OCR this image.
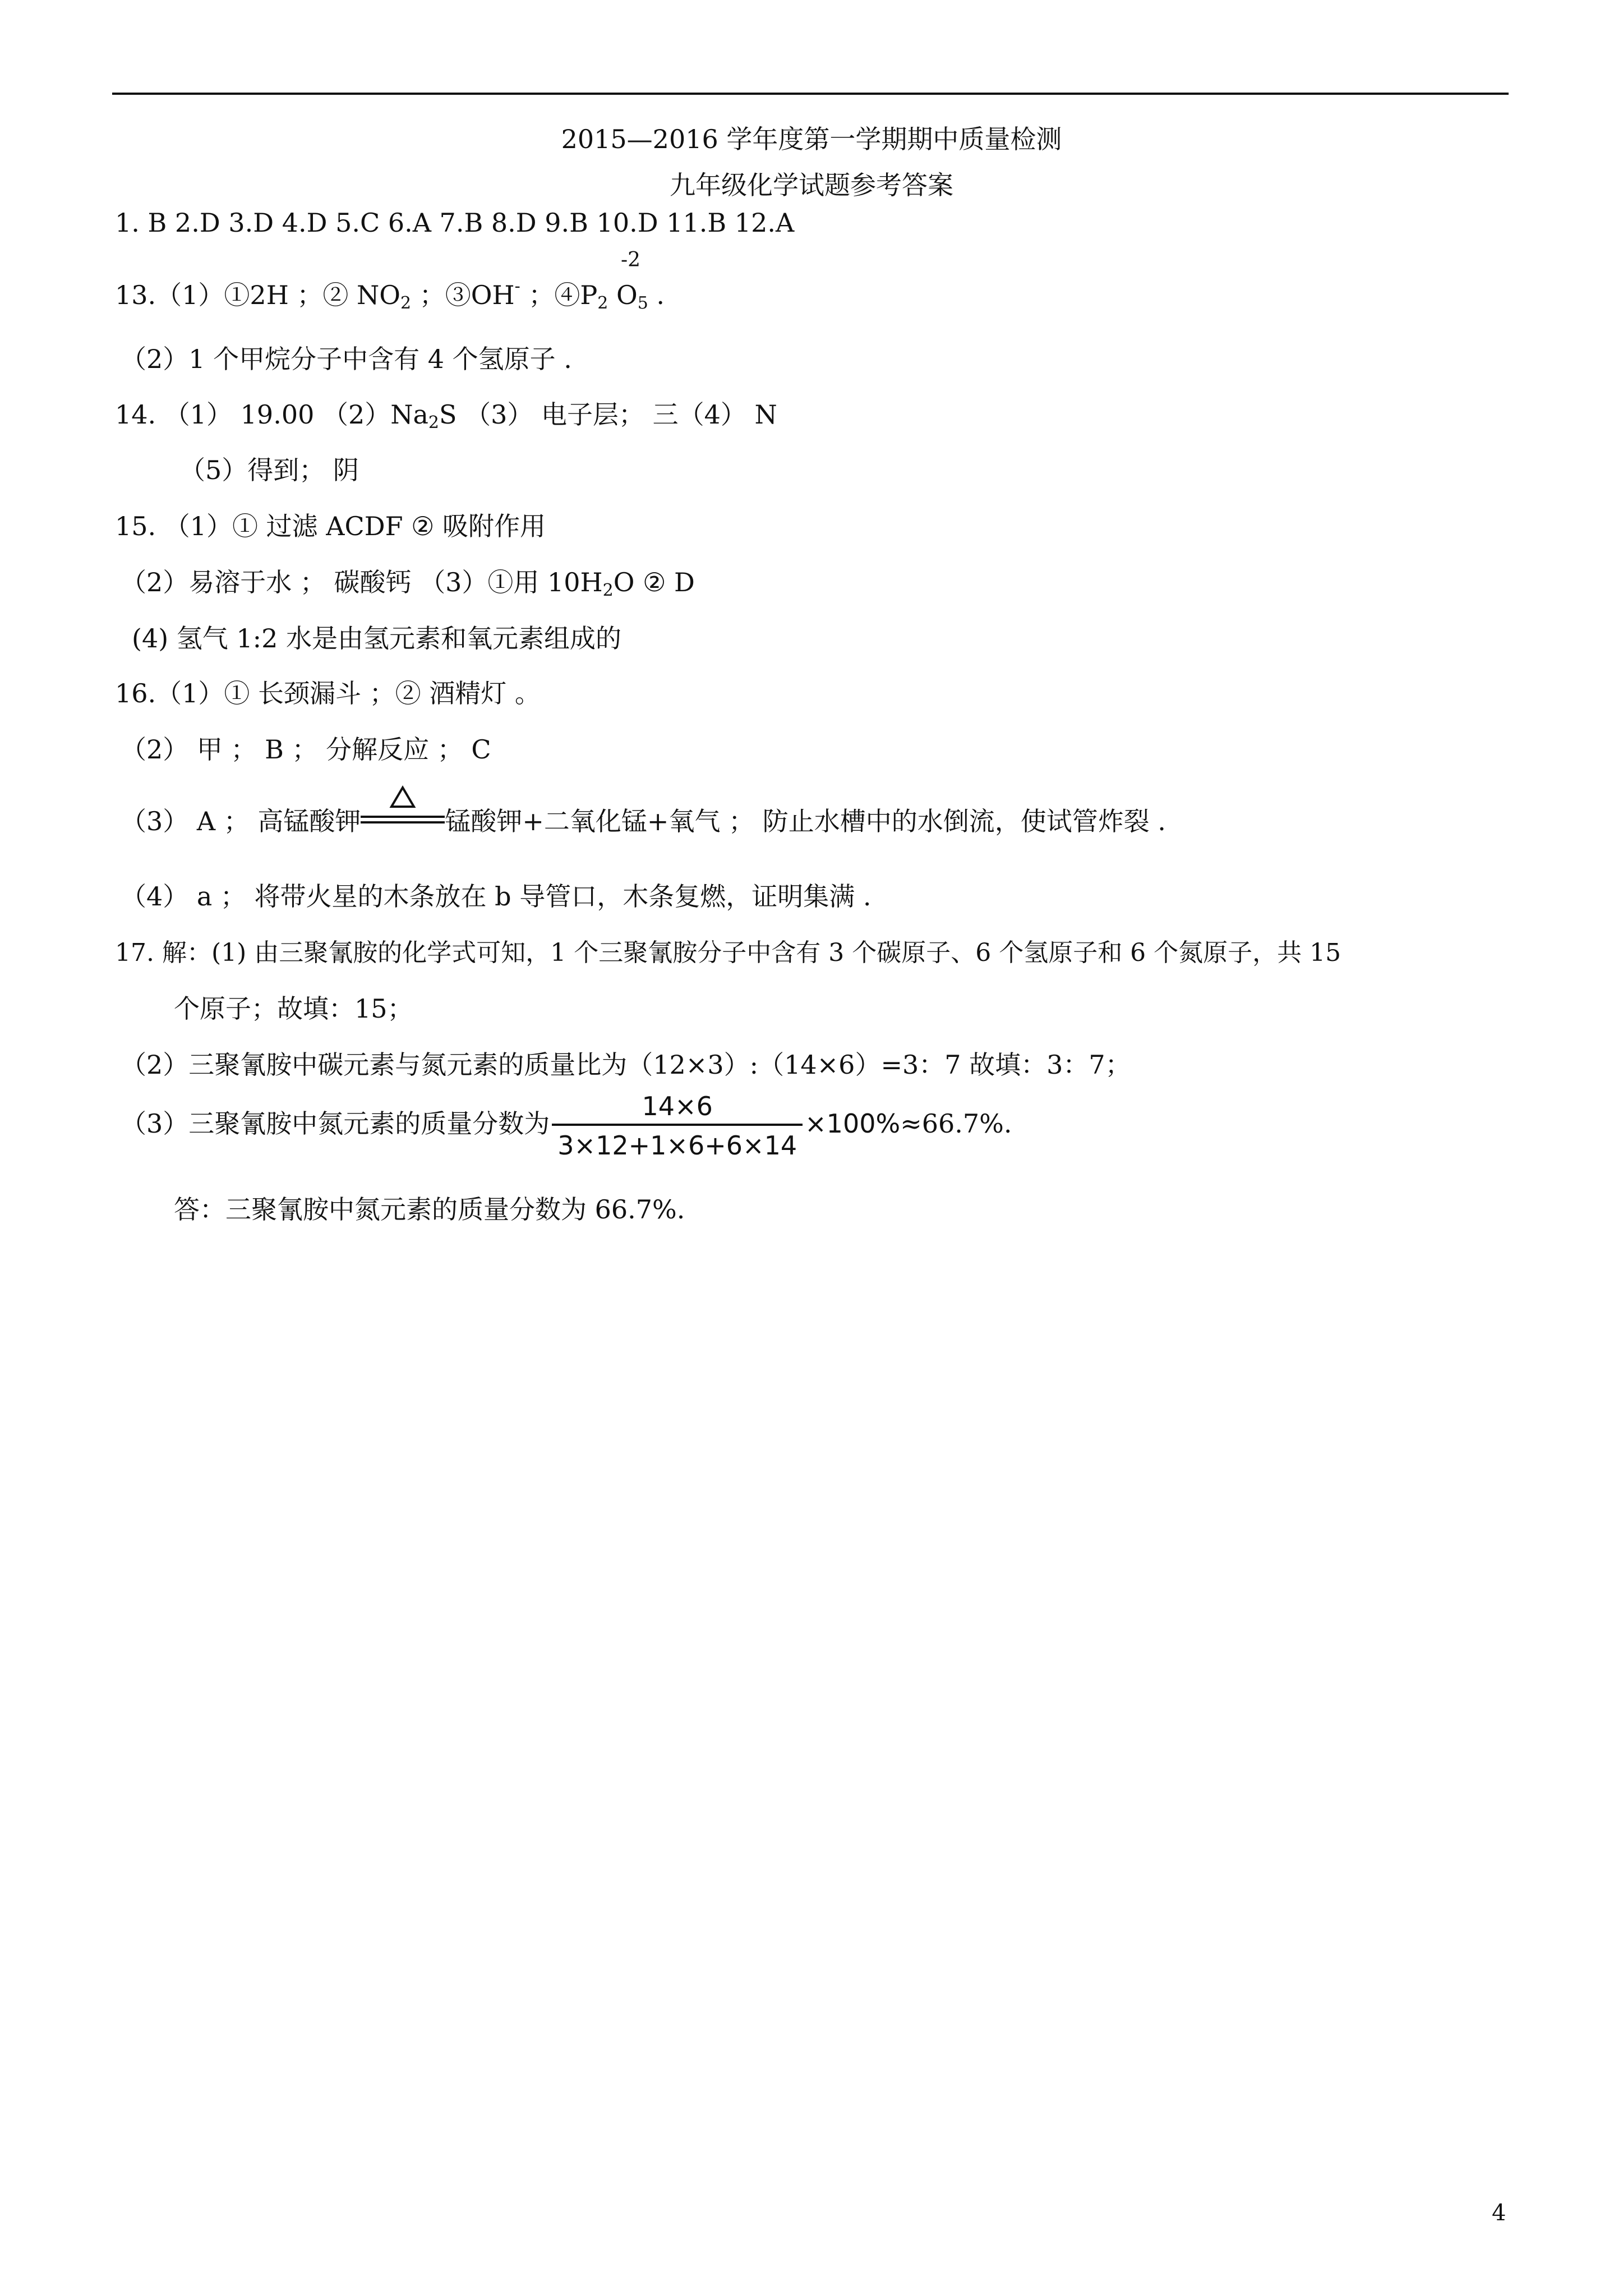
2015—2016 学年度第一学期期中质量检测
九年级化学试题参考答案
1. B 2.D 3.D 4.D 5.C 6.A 7.B 8.D 9.B 10.D 11.B 12.A
13.（1）①2H ；② $NO_2$ ；③OH- ；$④P_2$
-2
$O_5$ .
（2）1 个甲烷分子中含有 4 个氢原子 .
14. （1） 19.00 $(2)Na_2S$ （3） 电子层； 三（4） N
（5）得到； 阴
15. （1）① 过滤 ACDF ② 吸附作用
（2）易溶于水 ； 碳酸钙 （3）①用 $10H_2O$ ② D
(4) 氢气 1:2 水是由氢元素和氧元素组成的
16.（1）① 长颈漏斗 ；② 酒精灯 。
（2） 甲 ； B ； 分解反应 ； C
（3） A ； 高锰酸钾	锰酸钾+二氧化锰+氧气 ； 防止水槽中的水倒流，使试管炸裂 .
（4） a ； 将带火星的木条放在 b 导管口，木条复燃，证明集满 .
17. 解：(1) 由三聚氰胺的化学式可知，1 个三聚氰胺分子中含有 3 个碳原子、6 个氢原子和 6 个氮原子，共 15
个原子；故填：15；
（2）三聚氰胺中碳元素与氮元素的质量比为（12×3）:（14×6）=3：7 故填：3：7；
（3）三聚氰胺中氮元素的质量分数为 $\frac{14\times 6}{3\times 12+1\times 6+6\times 14} \times 100\%\approx 66.7\%$.
答：三聚氰胺中氮元素的质量分数为 66.7%.
4
